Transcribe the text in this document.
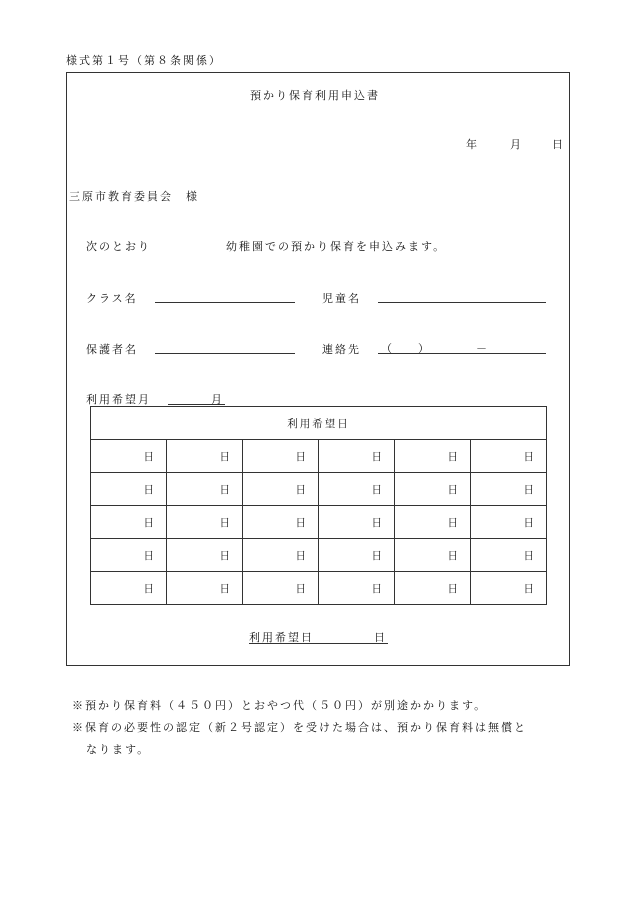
様式第１号（第８条関係）
預かり保育利用申込書
年	月	日
三原市教育委員会　様
次のとおり	幼稚園での預かり保育を申込みます。
クラス名	児童名
保護者名	連絡先 （ ）	－
利用希望月	月
利用希望日					
日	日	日	日	日	日
日	日	日	日	日	日
日	日	日	日	日	日
日	日	日	日	日	日
日	日	日	日	日	日
利用希望日	日
※預かり保育料（４５０円）とおやつ代（５０円）が別途かかります。
※保育の必要性の認定（新２号認定）を受けた場合は、預かり保育料は無償と
なります。
